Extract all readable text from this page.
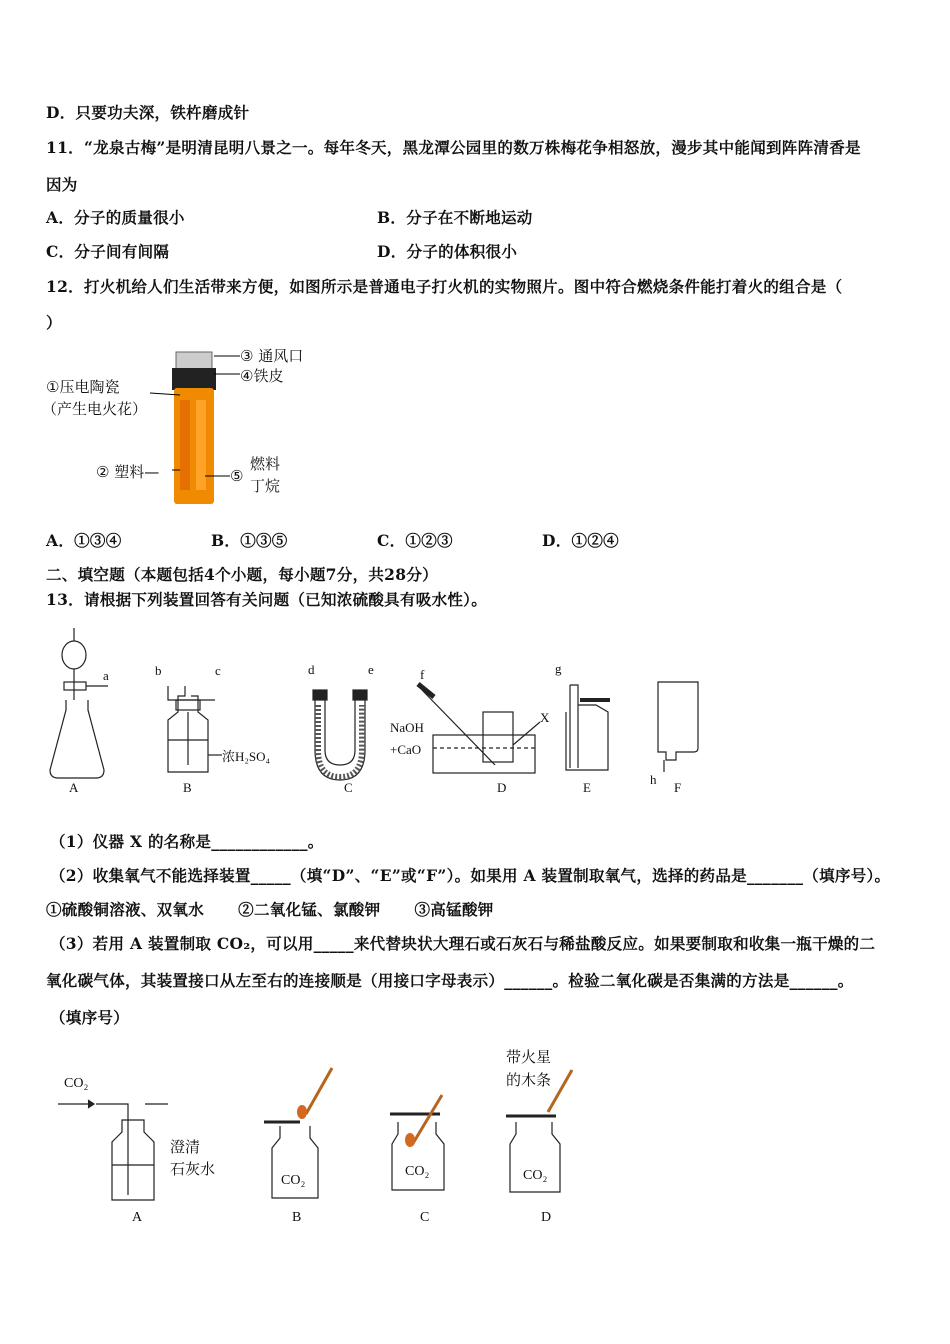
D．只要功夫深，铁杵磨成针
11．“龙泉古梅”是明清昆明八景之一。每年冬天，黑龙潭公园里的数万株梅花争相怒放，漫步其中能闻到阵阵清香是
因为
A．分子的质量很小	B．分子在不断地运动
C．分子间有间隔	D．分子的体积很小
12．打火机给人们生活带来方便，如图所示是普通电子打火机的实物照片。图中符合燃烧条件能打着火的组合是（
）
③ 通风口
④铁皮
①压电陶瓷
（产生电火花）
② 塑料—	⑤
燃料
丁烷
A．①③④	B．①③⑤	C．①②③	D．①②④
二、填空题（本题包括4个小题，每小题7分，共28分）
13．请根据下列装置回答有关问题（已知浓硫酸具有吸水性）。
a	b	c	d	e	f	g
X
h
浓H₂SO₄
NaOH
+CaO
A	B	C	D	E	F
（1）仪器 X 的名称是____________。
（2）收集氧气不能选择装置_____（填“D”、“E”或“F”）。如果用 A 装置制取氧气，选择的药品是_______（填序号）。
①硫酸铜溶液、双氧水      ②二氧化锰、氯酸钾      ③高锰酸钾
（3）若用 A 装置制取 CO₂，可以用_____来代替块状大理石或石灰石与稀盐酸反应。如果要制取和收集一瓶干燥的二
氧化碳气体，其装置接口从左至右的连接顺是（用接口字母表示）______。检验二氧化碳是否集满的方法是______。
（填序号）
CO₂
澄清
石灰水
带火星
的木条
CO₂
CO₂	CO₂
A	B	C	D
